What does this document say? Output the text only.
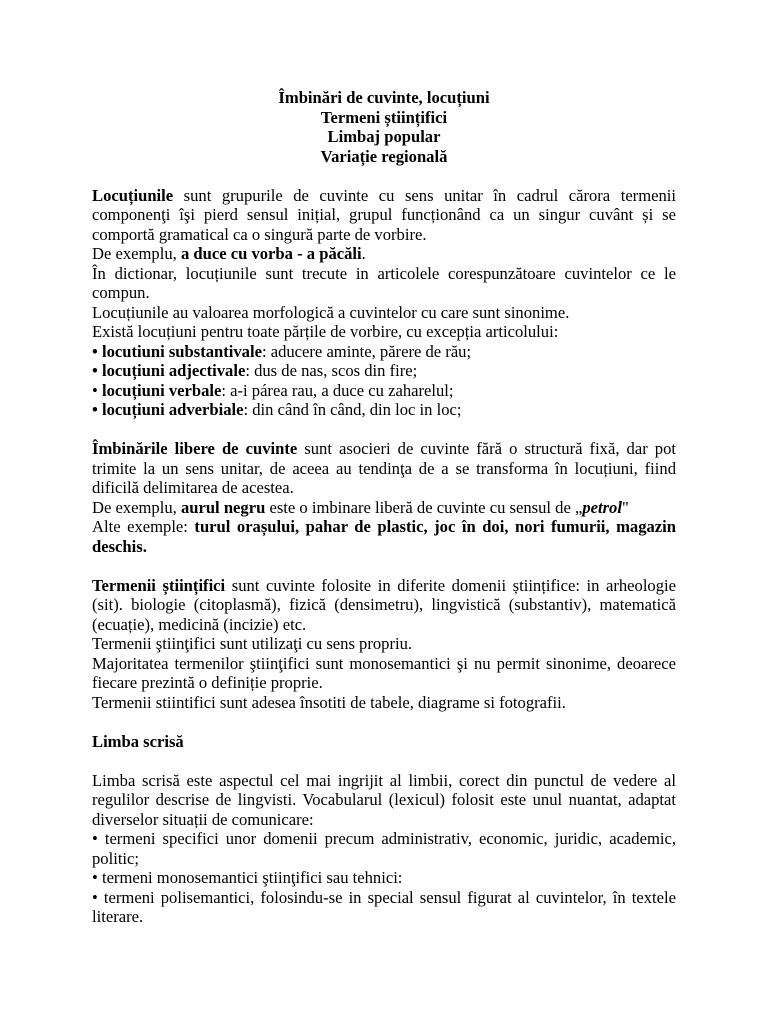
Îmbinări de cuvinte, locuțiuni
Termeni științifici
Limbaj popular
Variație regională

Locuțiunile sunt grupurile de cuvinte cu sens unitar în cadrul cărora termenii componenţi îşi pierd sensul inițial, grupul funcționând ca un singur cuvânt și se comportă gramatical ca o singură parte de vorbire.

De exemplu, a duce cu vorba - a păcăli.

În dictionar, locuțiunile sunt trecute in articolele corespunzătoare cuvintelor ce le compun.

Locuțiunile au valoarea morfologică a cuvintelor cu care sunt sinonime.

Există locuțiuni pentru toate părțile de vorbire, cu excepția articolului:

• locutiuni substantivale: aducere aminte, părere de rău;

• locuțiuni adjectivale: dus de nas, scos din fire;

• locuțiuni verbale: a-i párea rau, a duce cu zaharelul;

• locuțiuni adverbiale: din când în când, din loc in loc;

Îmbinările libere de cuvinte sunt asocieri de cuvinte fără o structură fixă, dar pot trimite la un sens unitar, de aceea au tendinţa de a se transforma în locuțiuni, fiind dificilă delimitarea de acestea.

De exemplu, aurul negru este o imbinare liberă de cuvinte cu sensul de „petrol"

Alte exemple: turul orașului, pahar de plastic, joc în doi, nori fumurii, magazin deschis.

Termenii științifici sunt cuvinte folosite in diferite domenii științifice: in arheologie (sit). biologie (citoplasmă), fizică (densimetru), lingvistică (substantiv), matematică (ecuație), medicină (incizie) etc.

Termenii ştiinţifici sunt utilizaţi cu sens propriu.

Majoritatea termenilor ştiinţifici sunt monosemantici şi nu permit sinonime, deoarece fiecare prezintă o definiție proprie.

Termenii stiintifici sunt adesea însotiti de tabele, diagrame si fotografii.

Limba scrisă

Limba scrisă este aspectul cel mai ingrijit al limbii, corect din punctul de vedere al regulilor descrise de lingvisti. Vocabularul (lexicul) folosit este unul nuantat, adaptat diverselor situații de comunicare:

• termeni specifici unor domenii precum administrativ, economic, juridic, academic, politic;

• termeni monosemantici ştiinţifici sau tehnici:

• termeni polisemantici, folosindu-se in special sensul figurat al cuvintelor, în textele literare.
